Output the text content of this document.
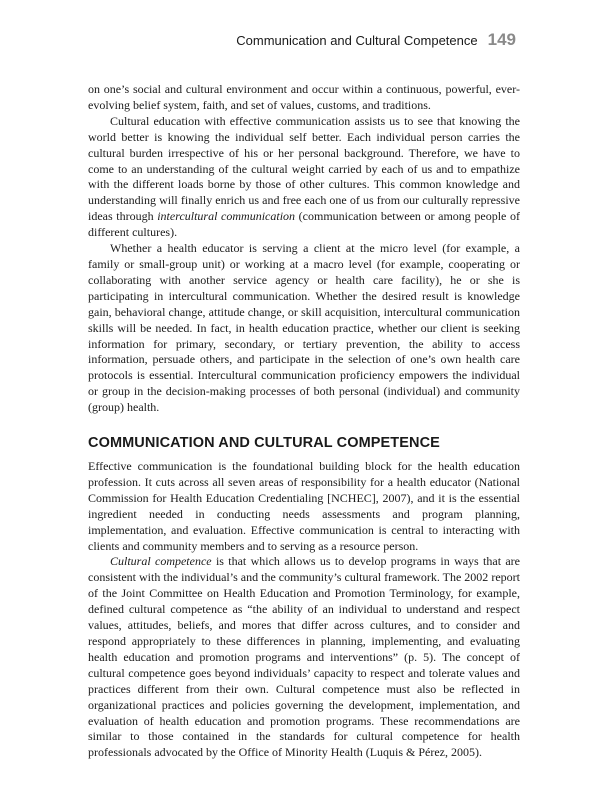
Communication and Cultural Competence 149

on one’s social and cultural environment and occur within a continuous, powerful, ever-evolving belief system, faith, and set of values, customs, and traditions.

Cultural education with effective communication assists us to see that knowing the world better is knowing the individual self better. Each individual person carries the cultural burden irrespective of his or her personal background. Therefore, we have to come to an understanding of the cultural weight carried by each of us and to empathize with the different loads borne by those of other cultures. This common knowledge and understanding will finally enrich us and free each one of us from our culturally repressive ideas through intercultural communication (communication between or among people of different cultures).

Whether a health educator is serving a client at the micro level (for example, a family or small-group unit) or working at a macro level (for example, cooperating or collaborating with another service agency or health care facility), he or she is participating in intercultural communication. Whether the desired result is knowledge gain, behavioral change, attitude change, or skill acquisition, intercultural communication skills will be needed. In fact, in health education practice, whether our client is seeking information for primary, secondary, or tertiary prevention, the ability to access information, persuade others, and participate in the selection of one’s own health care protocols is essential. Intercultural communication proficiency empowers the individual or group in the decision-making processes of both personal (individual) and community (group) health.

COMMUNICATION AND CULTURAL COMPETENCE

Effective communication is the foundational building block for the health education profession. It cuts across all seven areas of responsibility for a health educator (National Commission for Health Education Credentialing [NCHEC], 2007), and it is the essential ingredient needed in conducting needs assessments and program planning, implementation, and evaluation. Effective communication is central to interacting with clients and community members and to serving as a resource person.

Cultural competence is that which allows us to develop programs in ways that are consistent with the individual’s and the community’s cultural framework. The 2002 report of the Joint Committee on Health Education and Promotion Terminology, for example, defined cultural competence as “the ability of an individual to understand and respect values, attitudes, beliefs, and mores that differ across cultures, and to consider and respond appropriately to these differences in planning, implementing, and evaluating health education and promotion programs and interventions” (p. 5). The concept of cultural competence goes beyond individuals’ capacity to respect and tolerate values and practices different from their own. Cultural competence must also be reflected in organizational practices and policies governing the development, implementation, and evaluation of health education and promotion programs. These recommendations are similar to those contained in the standards for cultural competence for health professionals advocated by the Office of Minority Health (Luquis & Pérez, 2005).
